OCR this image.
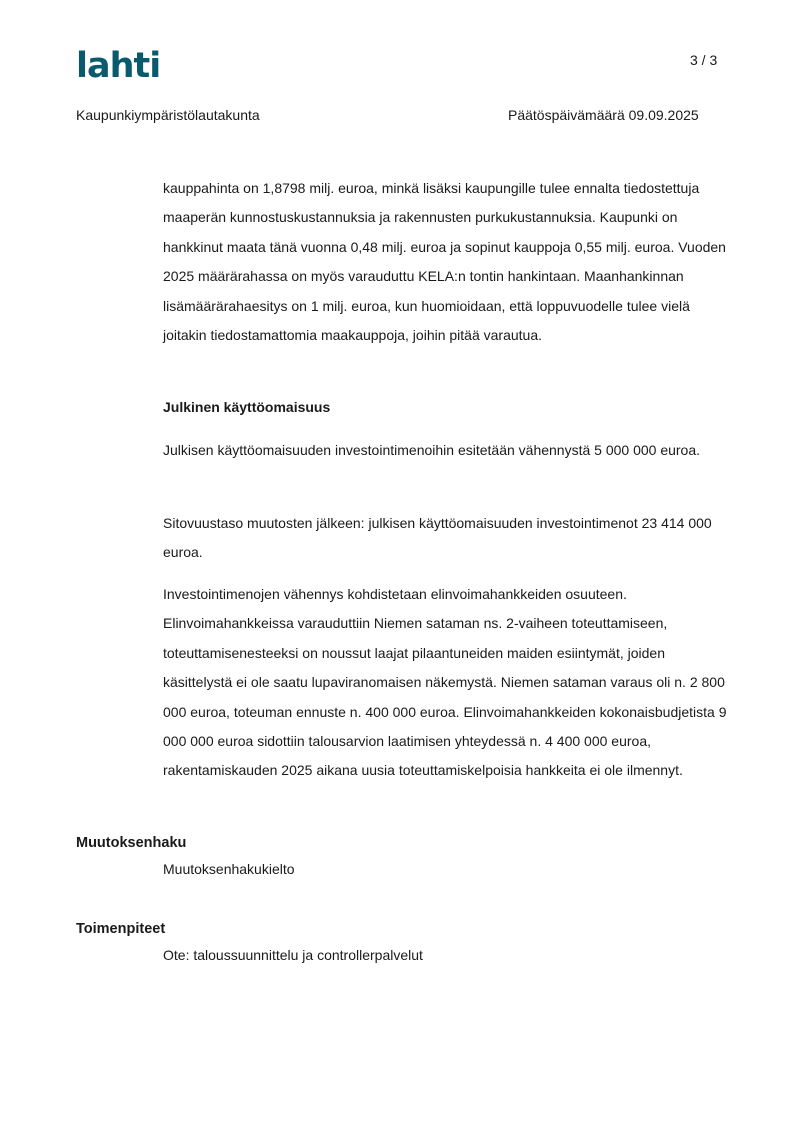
lahti	3 / 3
Kaupunkiympäristölautakunta	Päätöspäivämäärä 09.09.2025
kauppahinta on 1,8798 milj. euroa, minkä lisäksi kaupungille tulee ennalta tiedostettuja maaperän kunnostuskustannuksia ja rakennusten purkukustannuksia. Kaupunki on hankkinut maata tänä vuonna 0,48 milj. euroa ja sopinut kauppoja 0,55 milj. euroa. Vuoden 2025 määrärahassa on myös varauduttu KELA:n tontin hankintaan. Maanhankinnan lisämäärärahaesitys on 1 milj. euroa, kun huomioidaan, että loppuvuodelle tulee vielä joitakin tiedostamattomia maakauppoja, joihin pitää varautua.
Julkinen käyttöomaisuus
Julkisen käyttöomaisuuden investointimenoihin esitetään vähennystä 5 000 000 euroa.
Sitovuustaso muutosten jälkeen: julkisen käyttöomaisuuden investointimenot 23 414 000 euroa.
Investointimenojen vähennys kohdistetaan elinvoimahankkeiden osuuteen. Elinvoimahankkeissa varauduttiin Niemen sataman ns. 2-vaiheen toteuttamiseen, toteuttamisenesteeksi on noussut laajat pilaantuneiden maiden esiintymät, joiden käsittelystä ei ole saatu lupaviranomaisen näkemystä. Niemen sataman varaus oli n. 2 800 000 euroa, toteuman ennuste n. 400 000 euroa. Elinvoimahankkeiden kokonaisbudjetista 9 000 000 euroa sidottiin talousarvion laatimisen yhteydessä n. 4 400 000 euroa, rakentamiskauden 2025 aikana uusia toteuttamiskelpoisia hankkeita ei ole ilmennyt.
Muutoksenhaku
Muutoksenhakukielto
Toimenpiteet
Ote: taloussuunnittelu ja controllerpalvelut
